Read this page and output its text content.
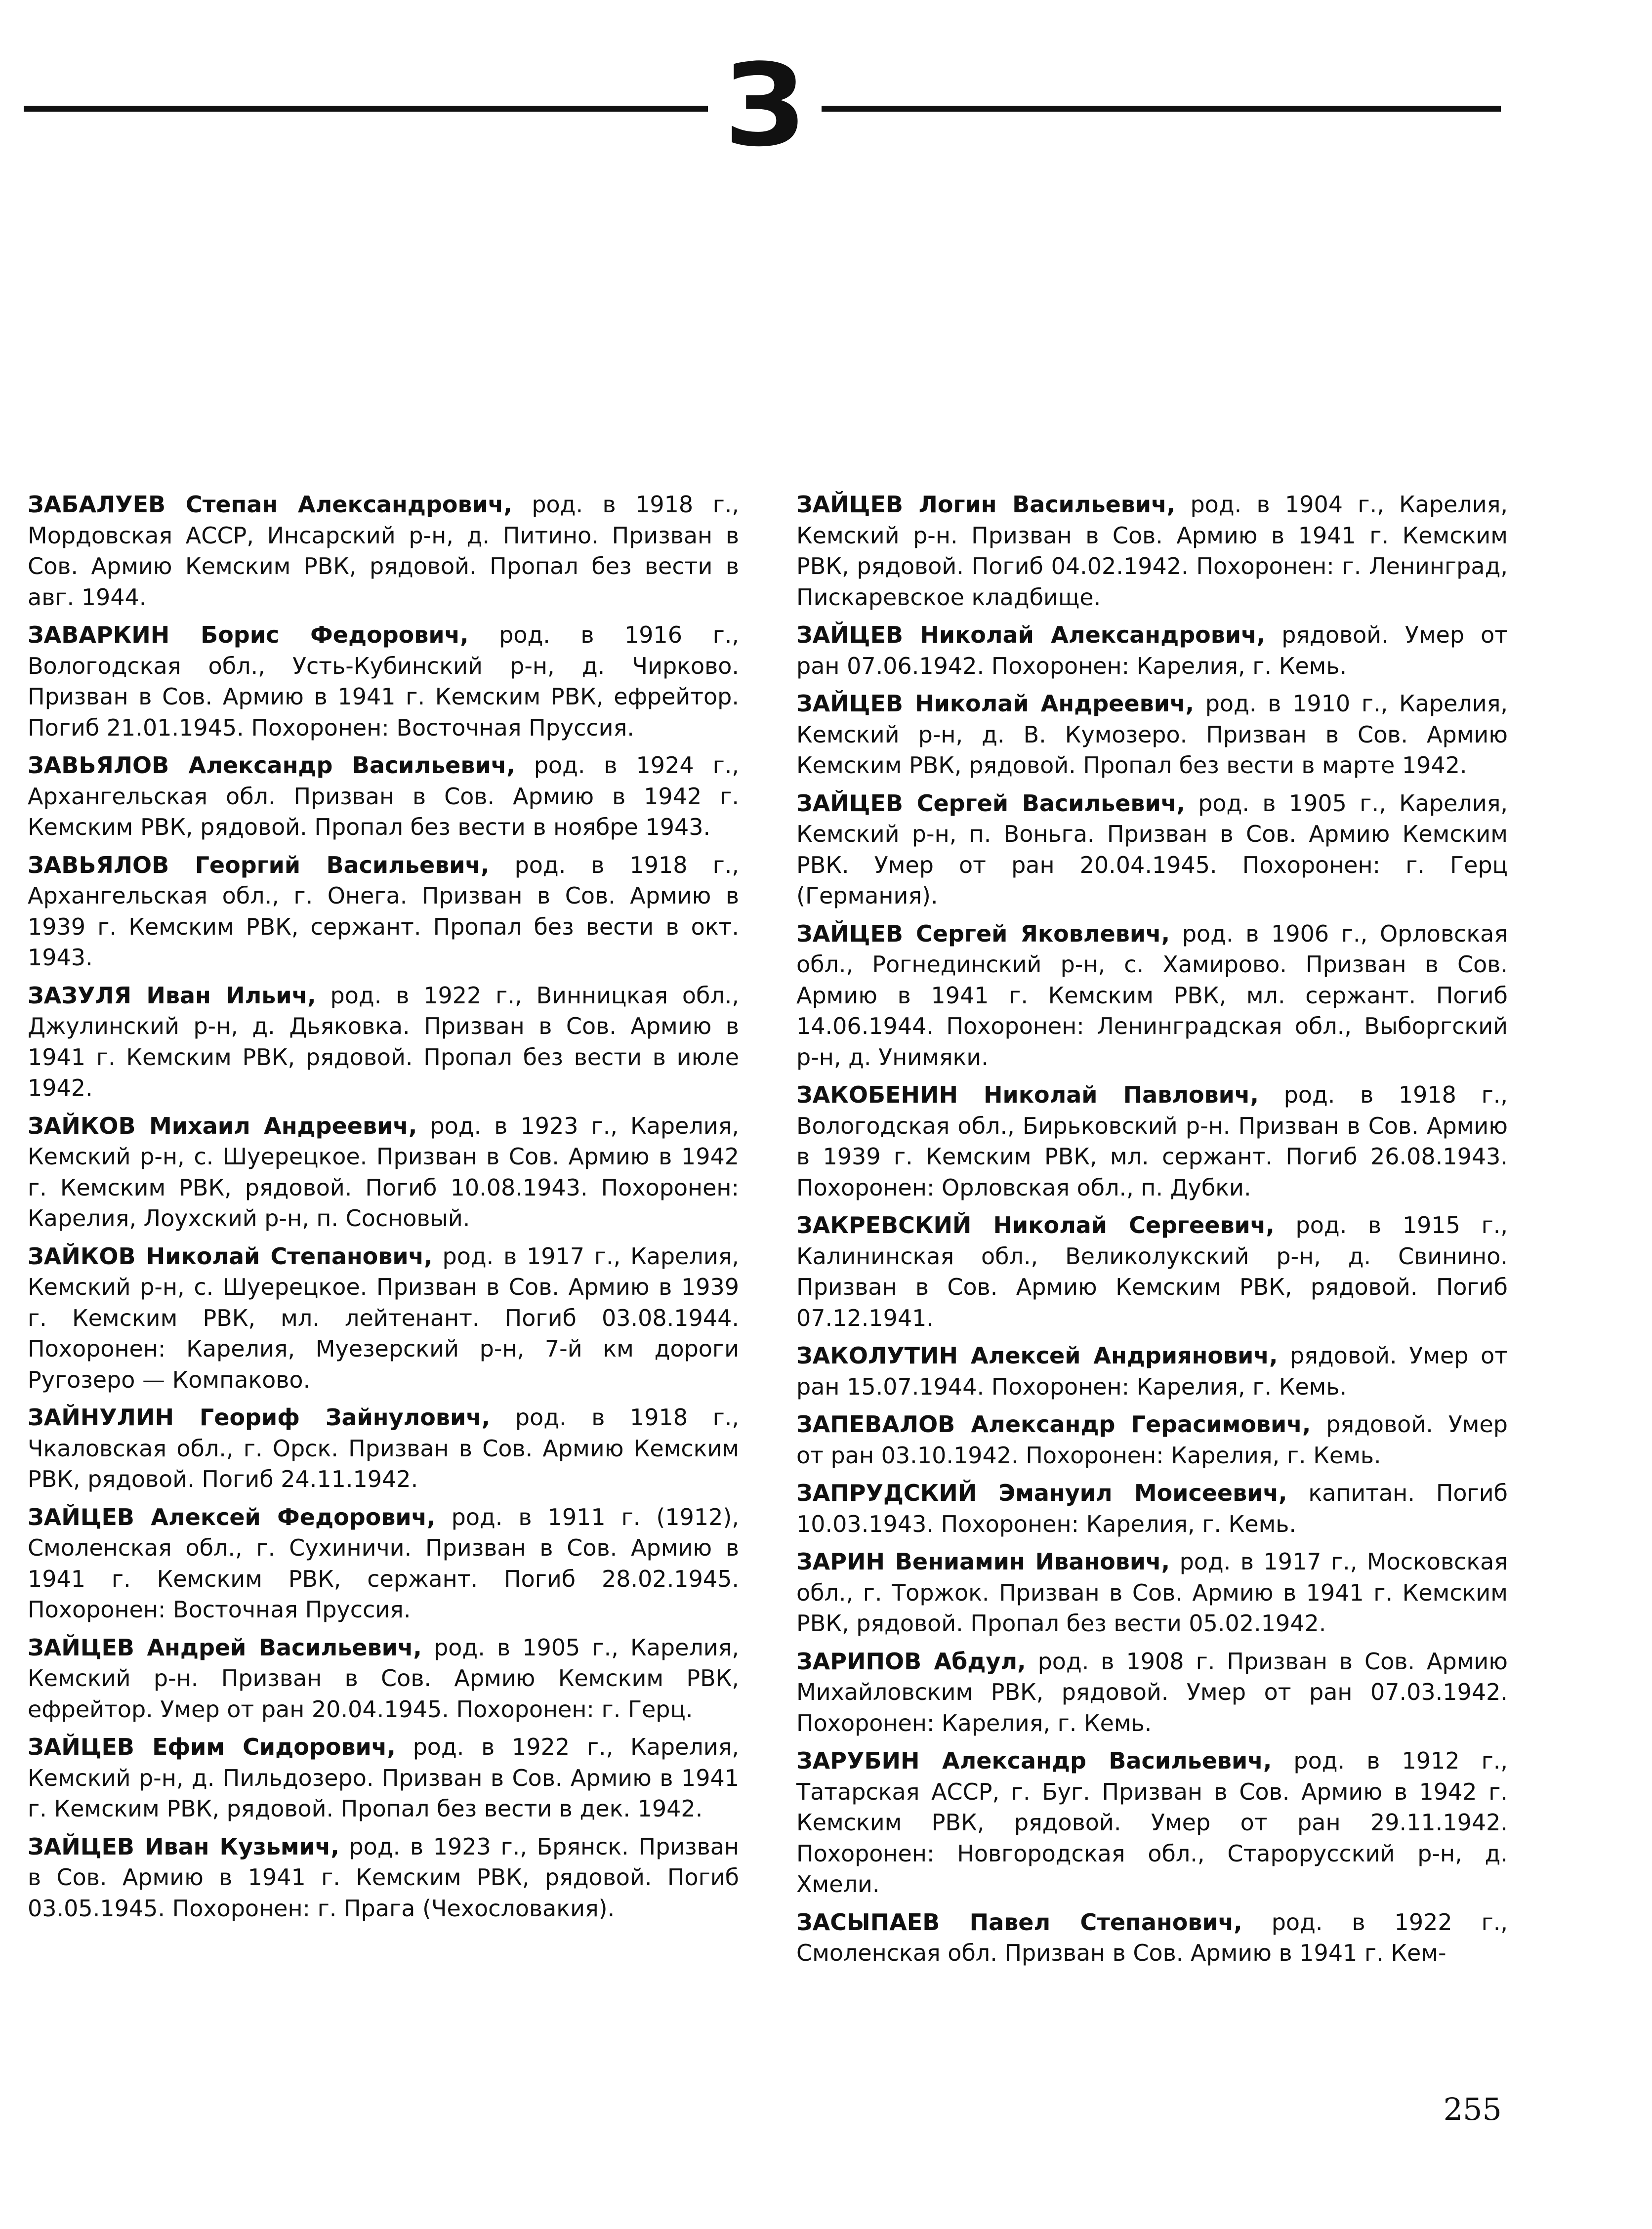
З

ЗАБАЛУЕВ Степан Александрович, род. в 1918 г., Мордовская АССР, Инсарский р-н, д. Питино. Призван в Сов. Армию Кемским РВК, рядовой. Пропал без вести в авг. 1944.

ЗАВАРКИН Борис Федорович, род. в 1916 г., Вологодская обл., Усть-Кубинский р-н, д. Чирково. Призван в Сов. Армию в 1941 г. Кемским РВК, ефрейтор. Погиб 21.01.1945. Похоронен: Восточная Пруссия.

ЗАВЬЯЛОВ Александр Васильевич, род. в 1924 г., Архангельская обл. Призван в Сов. Армию в 1942 г. Кемским РВК, рядовой. Пропал без вести в ноябре 1943.

ЗАВЬЯЛОВ Георгий Васильевич, род. в 1918 г., Архангельская обл., г. Онега. Призван в Сов. Армию в 1939 г. Кемским РВК, сержант. Пропал без вести в окт. 1943.

ЗАЗУЛЯ Иван Ильич, род. в 1922 г., Винницкая обл., Джулинский р-н, д. Дьяковка. Призван в Сов. Армию в 1941 г. Кемским РВК, рядовой. Пропал без вести в июле 1942.

ЗАЙКОВ Михаил Андреевич, род. в 1923 г., Карелия, Кемский р-н, с. Шуерецкое. Призван в Сов. Армию в 1942 г. Кемским РВК, рядовой. Погиб 10.08.1943. Похоронен: Карелия, Лоухский р-н, п. Сосновый.

ЗАЙКОВ Николай Степанович, род. в 1917 г., Карелия, Кемский р-н, с. Шуерецкое. Призван в Сов. Армию в 1939 г. Кемским РВК, мл. лейтенант. Погиб 03.08.1944. Похоронен: Карелия, Муезерский р-н, 7-й км дороги Ругозеро — Компаково.

ЗАЙНУЛИН Геориф Зайнулович, род. в 1918 г., Чкаловская обл., г. Орск. Призван в Сов. Армию Кемским РВК, рядовой. Погиб 24.11.1942.

ЗАЙЦЕВ Алексей Федорович, род. в 1911 г. (1912), Смоленская обл., г. Сухиничи. Призван в Сов. Армию в 1941 г. Кемским РВК, сержант. Погиб 28.02.1945. Похоронен: Восточная Пруссия.

ЗАЙЦЕВ Андрей Васильевич, род. в 1905 г., Карелия, Кемский р-н. Призван в Сов. Армию Кемским РВК, ефрейтор. Умер от ран 20.04.1945. Похоронен: г. Герц.

ЗАЙЦЕВ Ефим Сидорович, род. в 1922 г., Карелия, Кемский р-н, д. Пильдозеро. Призван в Сов. Армию в 1941 г. Кемским РВК, рядовой. Пропал без вести в дек. 1942.

ЗАЙЦЕВ Иван Кузьмич, род. в 1923 г., Брянск. Призван в Сов. Армию в 1941 г. Кемским РВК, рядовой. Погиб 03.05.1945. Похоронен: г. Прага (Чехословакия).

ЗАЙЦЕВ Логин Васильевич, род. в 1904 г., Карелия, Кемский р-н. Призван в Сов. Армию в 1941 г. Кемским РВК, рядовой. Погиб 04.02.1942. Похоронен: г. Ленинград, Пискаревское кладбище.

ЗАЙЦЕВ Николай Александрович, рядовой. Умер от ран 07.06.1942. Похоронен: Карелия, г. Кемь.

ЗАЙЦЕВ Николай Андреевич, род. в 1910 г., Карелия, Кемский р-н, д. В. Кумозеро. Призван в Сов. Армию Кемским РВК, рядовой. Пропал без вести в марте 1942.

ЗАЙЦЕВ Сергей Васильевич, род. в 1905 г., Карелия, Кемский р-н, п. Воньга. Призван в Сов. Армию Кемским РВК. Умер от ран 20.04.1945. Похоронен: г. Герц (Германия).

ЗАЙЦЕВ Сергей Яковлевич, род. в 1906 г., Орловская обл., Рогнединский р-н, с. Хамирово. Призван в Сов. Армию в 1941 г. Кемским РВК, мл. сержант. Погиб 14.06.1944. Похоронен: Ленинградская обл., Выборгский р-н, д. Унимяки.

ЗАКОБЕНИН Николай Павлович, род. в 1918 г., Вологодская обл., Бирьковский р-н. Призван в Сов. Армию в 1939 г. Кемским РВК, мл. сержант. Погиб 26.08.1943. Похоронен: Орловская обл., п. Дубки.

ЗАКРЕВСКИЙ Николай Сергеевич, род. в 1915 г., Калининская обл., Великолукский р-н, д. Свинино. Призван в Сов. Армию Кемским РВК, рядовой. Погиб 07.12.1941.

ЗАКОЛУТИН Алексей Андриянович, рядовой. Умер от ран 15.07.1944. Похоронен: Карелия, г. Кемь.

ЗАПЕВАЛОВ Александр Герасимович, рядовой. Умер от ран 03.10.1942. Похоронен: Карелия, г. Кемь.

ЗАПРУДСКИЙ Эмануил Моисеевич, капитан. Погиб 10.03.1943. Похоронен: Карелия, г. Кемь.

ЗАРИН Вениамин Иванович, род. в 1917 г., Московская обл., г. Торжок. Призван в Сов. Армию в 1941 г. Кемским РВК, рядовой. Пропал без вести 05.02.1942.

ЗАРИПОВ Абдул, род. в 1908 г. Призван в Сов. Армию Михайловским РВК, рядовой. Умер от ран 07.03.1942. Похоронен: Карелия, г. Кемь.

ЗАРУБИН Александр Васильевич, род. в 1912 г., Татарская АССР, г. Буг. Призван в Сов. Армию в 1942 г. Кемским РВК, рядовой. Умер от ран 29.11.1942. Похоронен: Новгородская обл., Старорусский р-н, д. Хмели.

ЗАСЫПАЕВ Павел Степанович, род. в 1922 г., Смоленская обл. Призван в Сов. Армию в 1941 г. Кем-

255
